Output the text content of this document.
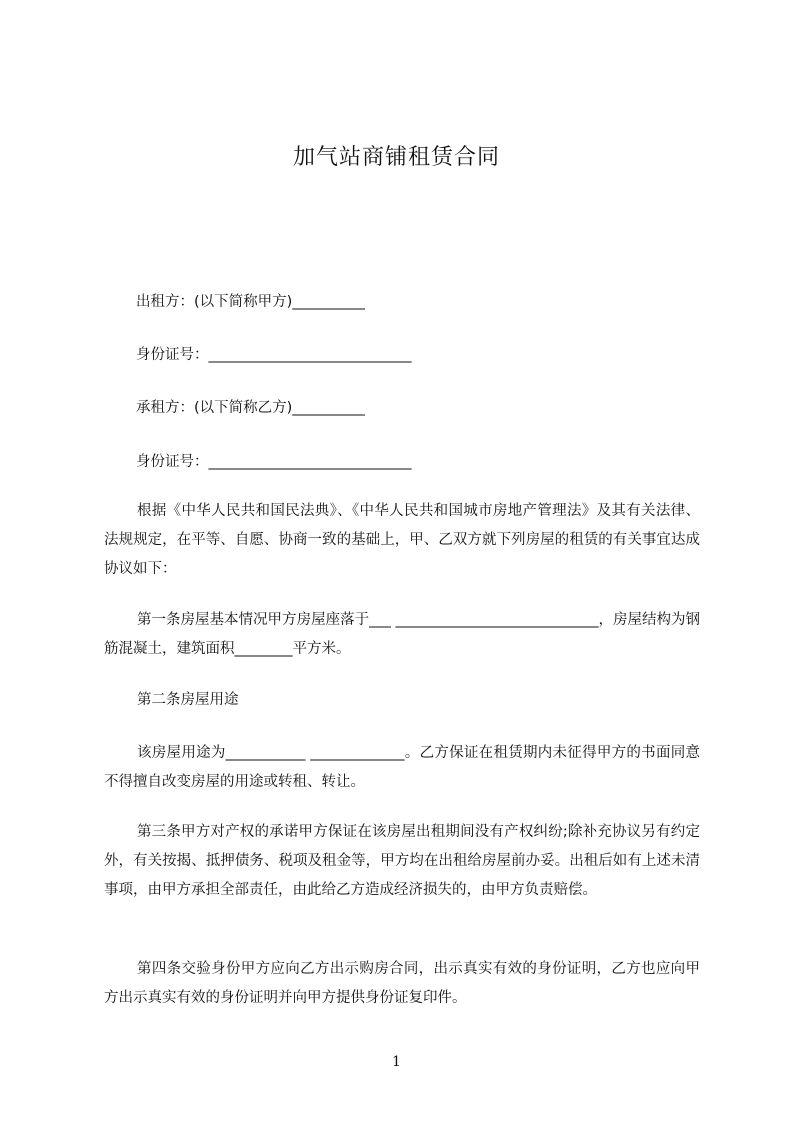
加气站商铺租赁合同
出租方：(以下简称甲方)__________
身份证号：____________________________
承租方：(以下简称乙方)__________
身份证号：____________________________

根据《中华人民共和国民法典》、《中华人民共和国城市房地产管理法》及其有关法律、法规规定，在平等、自愿、协商一致的基础上，甲、乙双方就下列房屋的租赁的有关事宜达成协议如下：

第一条房屋基本情况甲方房屋座落于___ ____________________________，房屋结构为钢筋混凝土，建筑面积________平方米。

第二条房屋用途

该房屋用途为___________ _____________。乙方保证在租赁期内未征得甲方的书面同意不得擅自改变房屋的用途或转租、转让。

第三条甲方对产权的承诺甲方保证在该房屋出租期间没有产权纠纷;除补充协议另有约定外，有关按揭、抵押债务、税项及租金等，甲方均在出租给房屋前办妥。出租后如有上述未清事项，由甲方承担全部责任，由此给乙方造成经济损失的，由甲方负责赔偿。

第四条交验身份甲方应向乙方出示购房合同，出示真实有效的身份证明，乙方也应向甲方出示真实有效的身份证明并向甲方提供身份证复印件。

1
